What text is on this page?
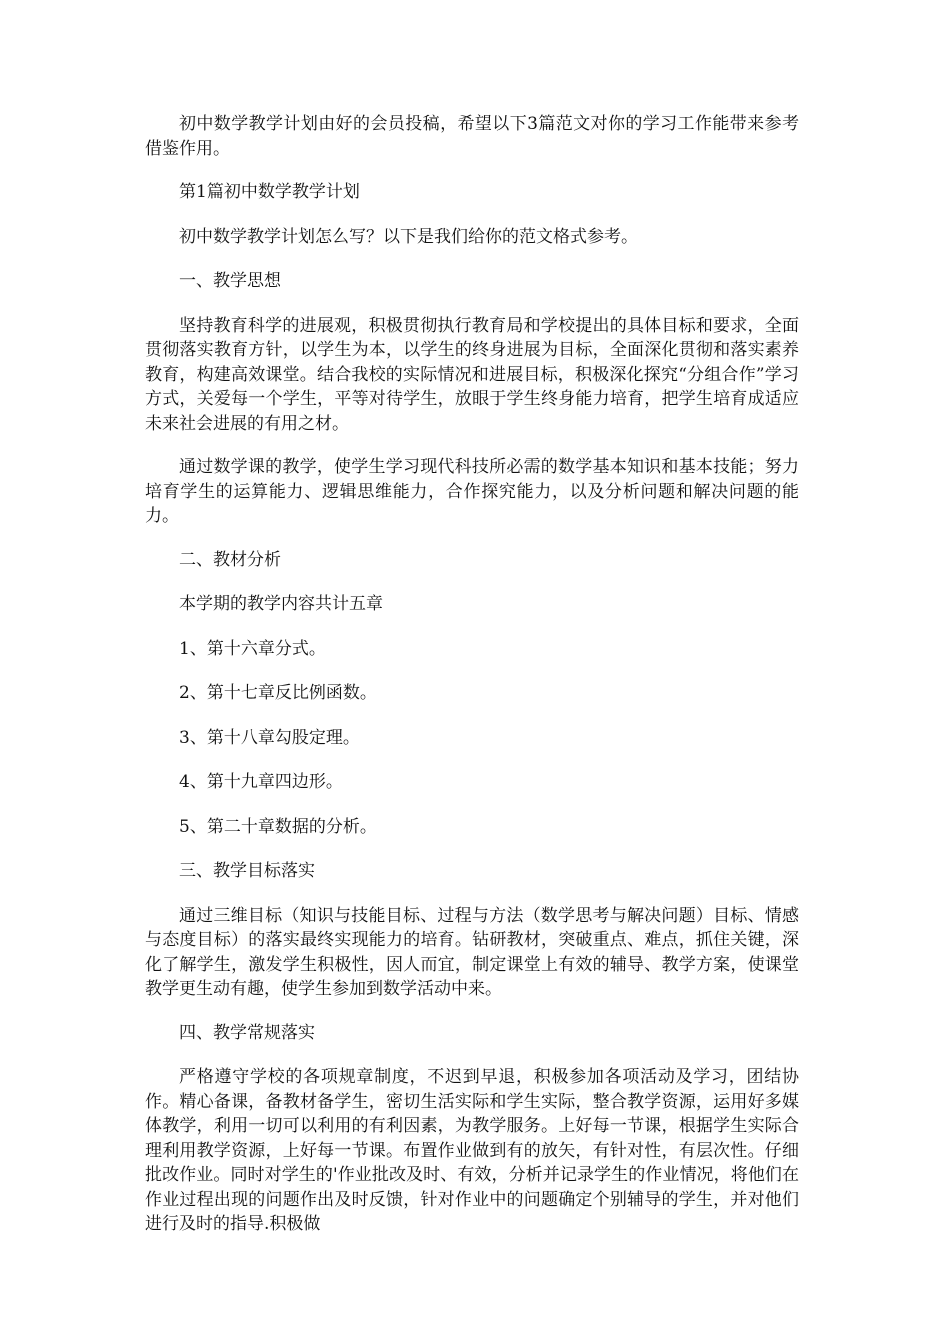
初中数学教学计划由好的会员投稿，希望以下3篇范文对你的学习工作能带来参考借鉴作用。

第1篇初中数学教学计划

初中数学教学计划怎么写？以下是我们给你的范文格式参考。

一、教学思想

坚持教育科学的进展观，积极贯彻执行教育局和学校提出的具体目标和要求，全面贯彻落实教育方针，以学生为本，以学生的终身进展为目标，全面深化贯彻和落实素养教育，构建高效课堂。结合我校的实际情况和进展目标，积极深化探究“分组合作”学习方式，关爱每一个学生，平等对待学生，放眼于学生终身能力培育，把学生培育成适应未来社会进展的有用之材。

通过数学课的教学，使学生学习现代科技所必需的数学基本知识和基本技能；努力培育学生的运算能力、逻辑思维能力，合作探究能力，以及分析问题和解决问题的能力。

二、教材分析

本学期的教学内容共计五章

1、第十六章分式。

2、第十七章反比例函数。

3、第十八章勾股定理。

4、第十九章四边形。

5、第二十章数据的分析。

三、教学目标落实

通过三维目标（知识与技能目标、过程与方法（数学思考与解决问题）目标、情感与态度目标）的落实最终实现能力的培育。钻研教材，突破重点、难点，抓住关键，深化了解学生，激发学生积极性，因人而宜，制定课堂上有效的辅导、教学方案，使课堂教学更生动有趣，使学生参加到数学活动中来。

四、教学常规落实

严格遵守学校的各项规章制度，不迟到早退，积极参加各项活动及学习，团结协作。精心备课，备教材备学生，密切生活实际和学生实际，整合教学资源，运用好多媒体教学，利用一切可以利用的有利因素，为教学服务。上好每一节课，根据学生实际合理利用教学资源，上好每一节课。布置作业做到有的放矢，有针对性，有层次性。仔细批改作业。同时对学生的'作业批改及时、有效，分析并记录学生的作业情况，将他们在作业过程出现的问题作出及时反馈，针对作业中的问题确定个别辅导的学生，并对他们进行及时的指导.积极做
